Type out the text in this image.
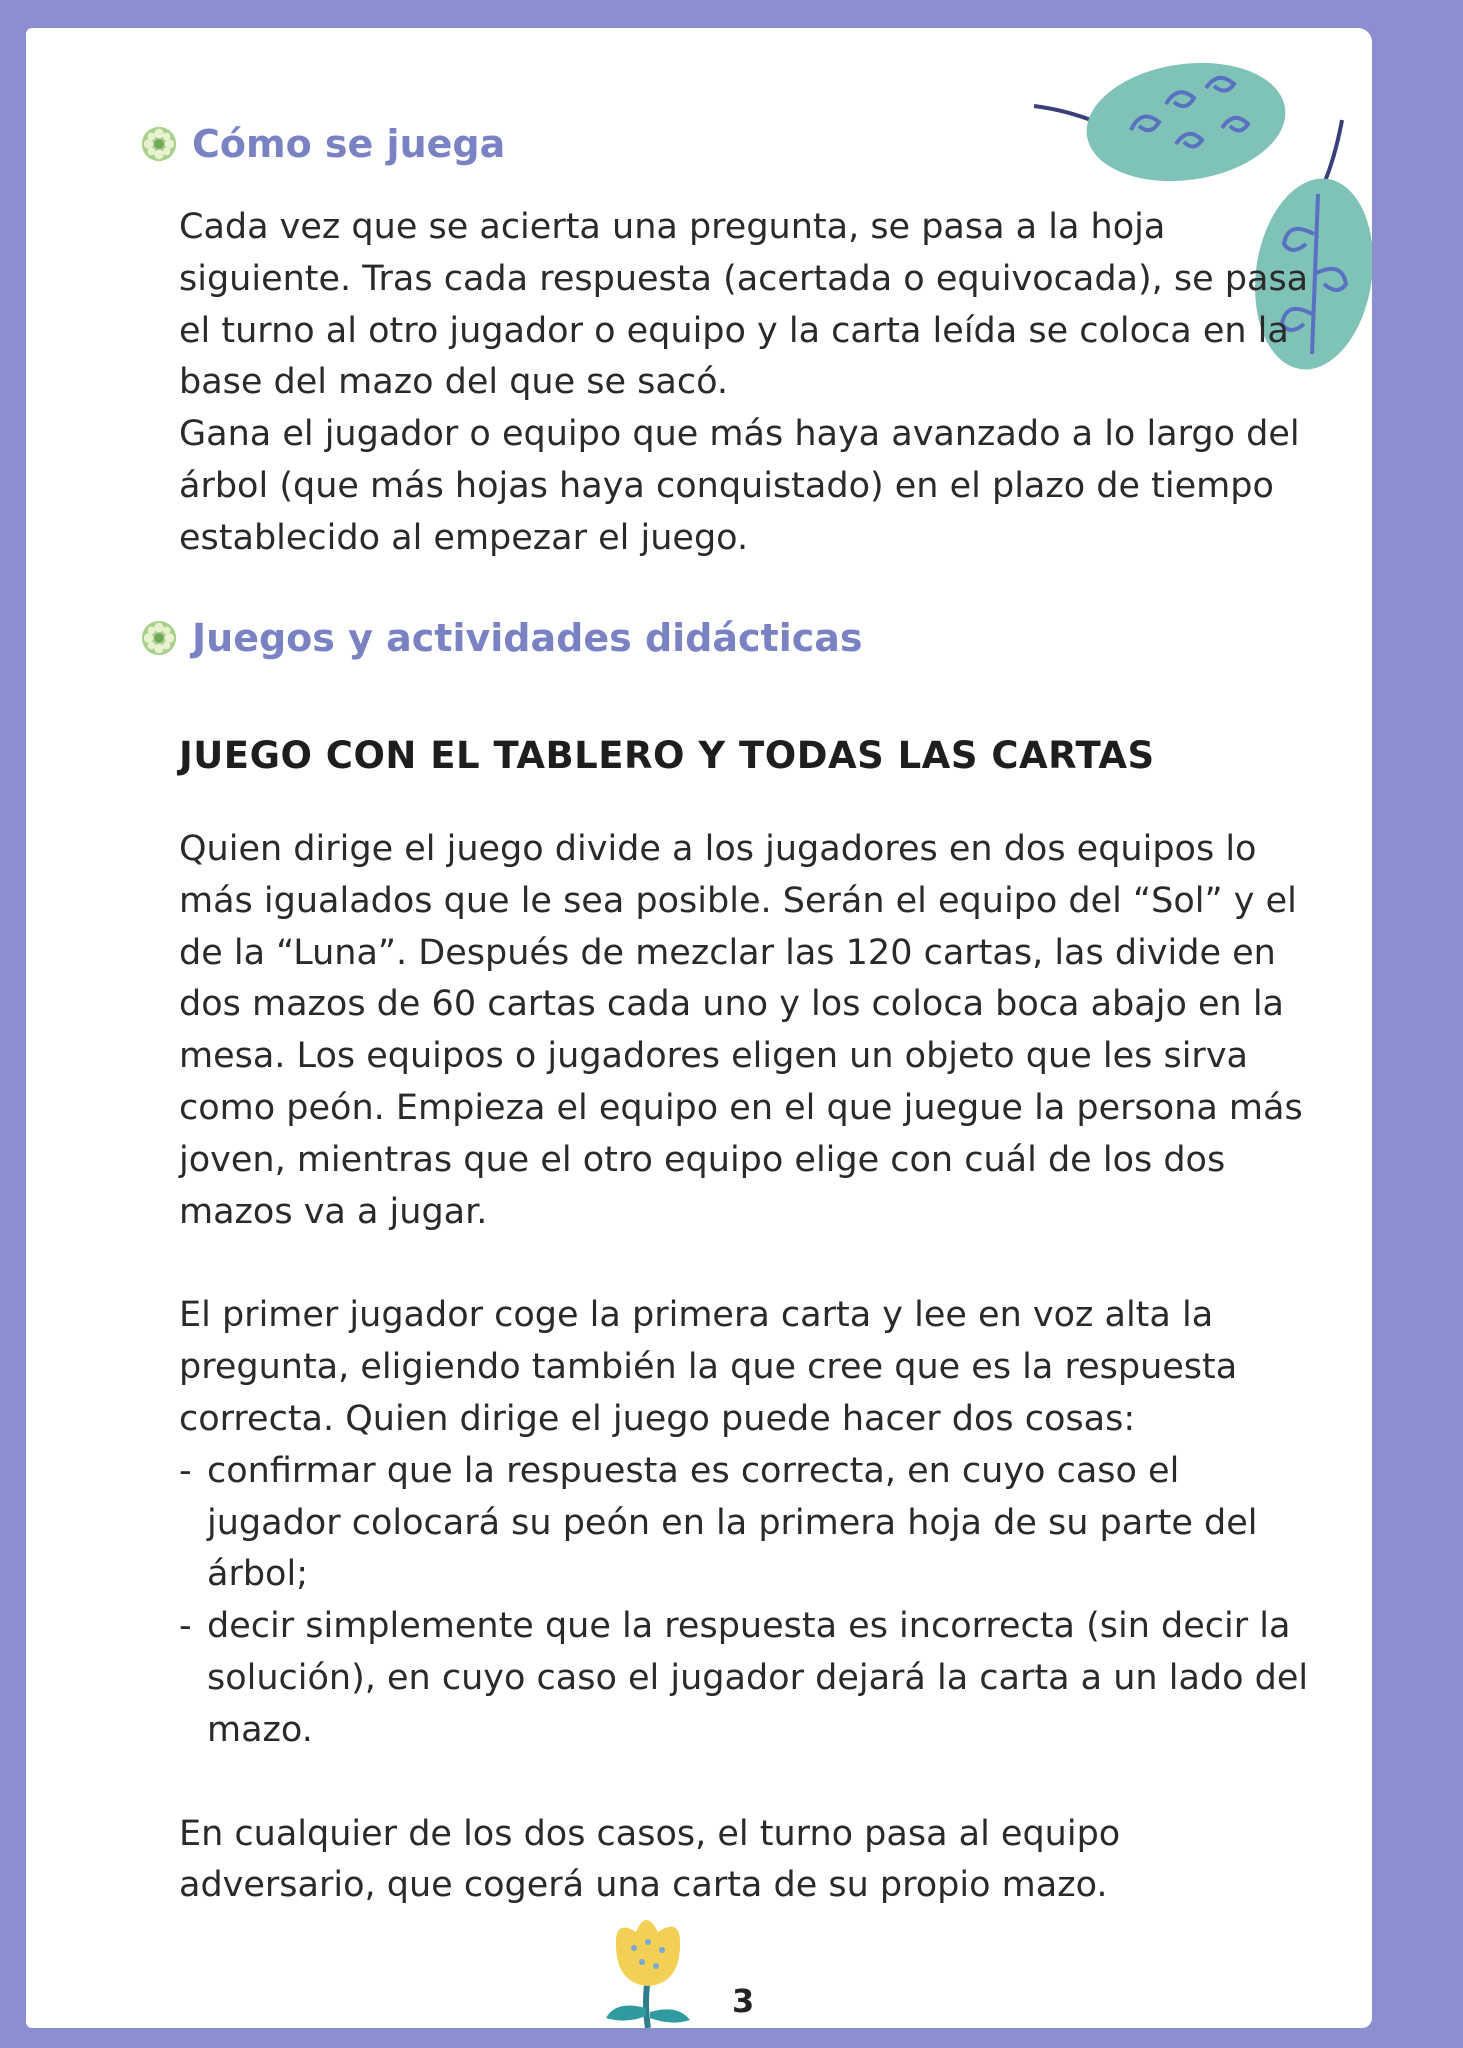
Cómo se juega

Cada vez que se acierta una pregunta, se pasa a la hoja siguiente. Tras cada respuesta (acertada o equivocada), se pasa el turno al otro jugador o equipo y la carta leída se coloca en la base del mazo del que se sacó.

Gana el jugador o equipo que más haya avanzado a lo largo del árbol (que más hojas haya conquistado) en el plazo de tiempo establecido al empezar el juego.

Juegos y actividades didácticas
JUEGO CON EL TABLERO Y TODAS LAS CARTAS

Quien dirige el juego divide a los jugadores en dos equipos lo más igualados que le sea posible. Serán el equipo del “Sol” y el de la “Luna”. Después de mezclar las 120 cartas, las divide en dos mazos de 60 cartas cada uno y los coloca boca abajo en la mesa. Los equipos o jugadores eligen un objeto que les sirva como peón. Empieza el equipo en el que juegue la persona más joven, mientras que el otro equipo elige con cuál de los dos mazos va a jugar.

El primer jugador coge la primera carta y lee en voz alta la pregunta, eligiendo también la que cree que es la respuesta correcta. Quien dirige el juego puede hacer dos cosas:

- confirmar que la respuesta es correcta, en cuyo caso el jugador colocará su peón en la primera hoja de su parte del árbol;
- decir simplemente que la respuesta es incorrecta (sin decir la solución), en cuyo caso el jugador dejará la carta a un lado del mazo.

En cualquier de los dos casos, el turno pasa al equipo adversario, que cogerá una carta de su propio mazo.

3
